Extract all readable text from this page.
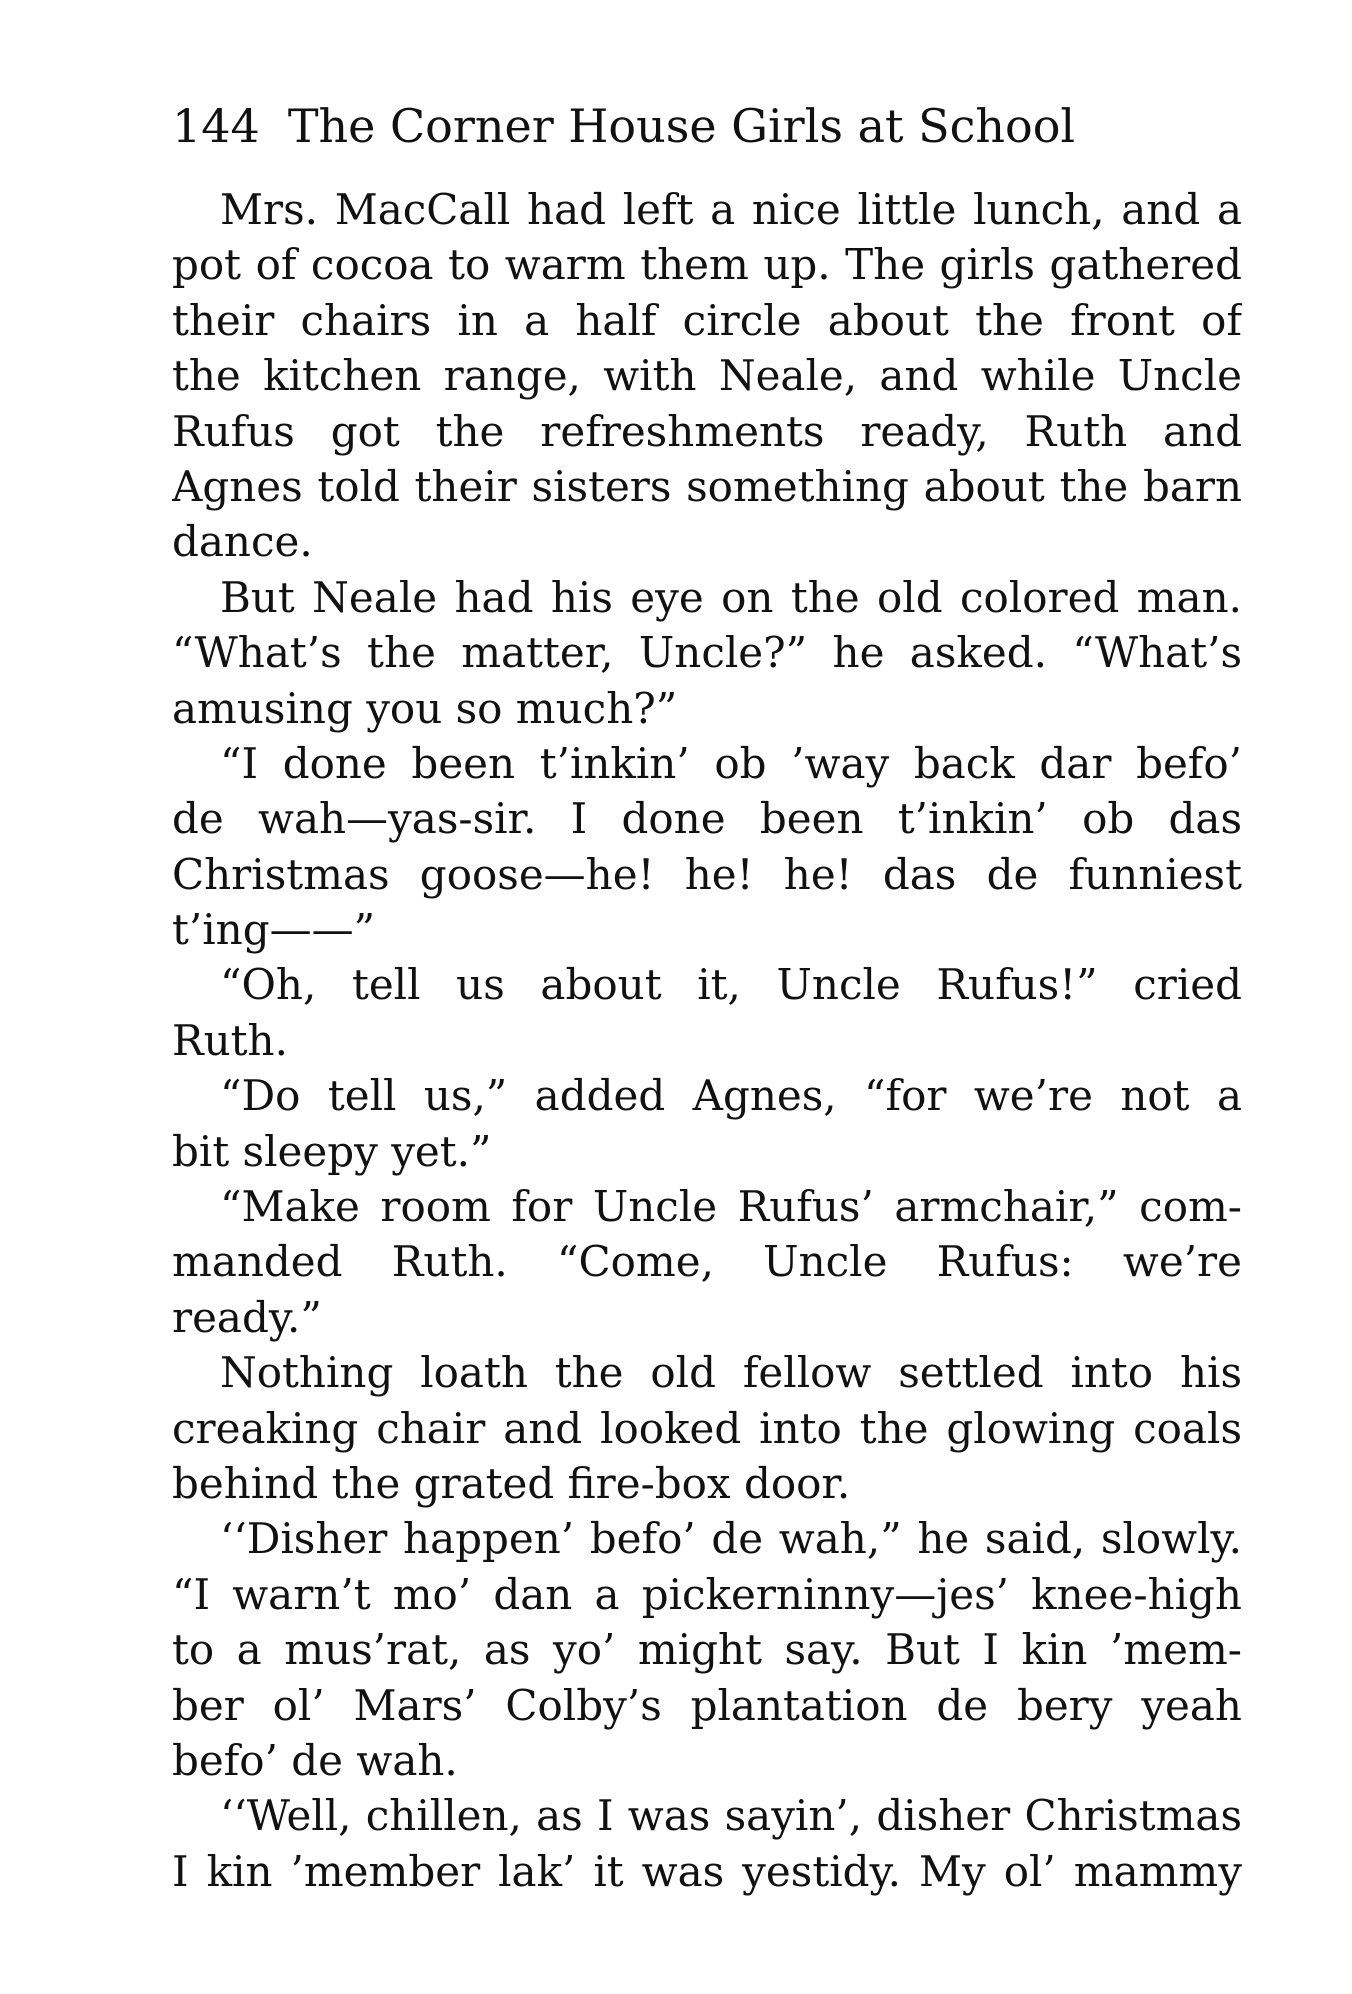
144 The Corner House Girls at School
Mrs. MacCall had left a nice little lunch, and a
pot of cocoa to warm them up. The girls gathered
their chairs in a half circle about the front of
the kitchen range, with Neale, and while Uncle
Rufus got the refreshments ready, Ruth and
Agnes told their sisters something about the barn
dance.
But Neale had his eye on the old colored man.
“What’s the matter, Uncle?” he asked. “What’s
amusing you so much?”
“I done been t’inkin’ ob ’way back dar befo’
de wah—yas-sir. I done been t’inkin’ ob das
Christmas goose—he! he! he! das de funniest
t’ing——”
“Oh, tell us about it, Uncle Rufus!” cried
Ruth.
“Do tell us,” added Agnes, “for we’re not a
bit sleepy yet.”
“Make room for Uncle Rufus’ armchair,” com-
manded Ruth. “Come, Uncle Rufus: we’re
ready.”
Nothing loath the old fellow settled into his
creaking chair and looked into the glowing coals
behind the grated fire-box door.
‘‘Disher happen’ befo’ de wah,” he said, slowly.
“I warn’t mo’ dan a pickerninny—jes’ knee-high
to a mus’rat, as yo’ might say. But I kin ’mem-
ber ol’ Mars’ Colby’s plantation de bery yeah
befo’ de wah.
‘‘Well, chillen, as I was sayin’, disher Christmas
I kin ’member lak’ it was yestidy. My ol’ mammy
